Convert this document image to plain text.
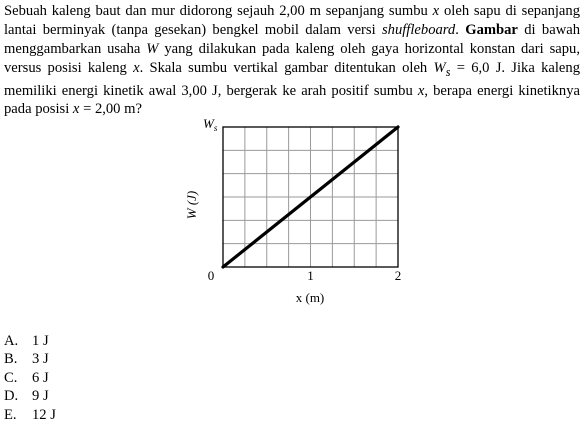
Sebuah kaleng baut dan mur didorong sejauh 2,00 m sepanjang sumbu x oleh sapu di sepanjang lantai berminyak (tanpa gesekan) bengkel mobil dalam versi shuffleboard. Gambar di bawah menggambarkan usaha W yang dilakukan pada kaleng oleh gaya horizontal konstan dari sapu, versus posisi kaleng x. Skala sumbu vertikal gambar ditentukan oleh $W_s = 6,0$ J. Jika kaleng memiliki energi kinetik awal 3,00 J, bergerak ke arah positif sumbu x, berapa energi kinetiknya pada posisi x = 2,00 m?
0	1	2
W (J)
$W_s$
x (m)
A. 1 J
B. 3 J
C. 6 J
D. 9 J
E. 12 J
